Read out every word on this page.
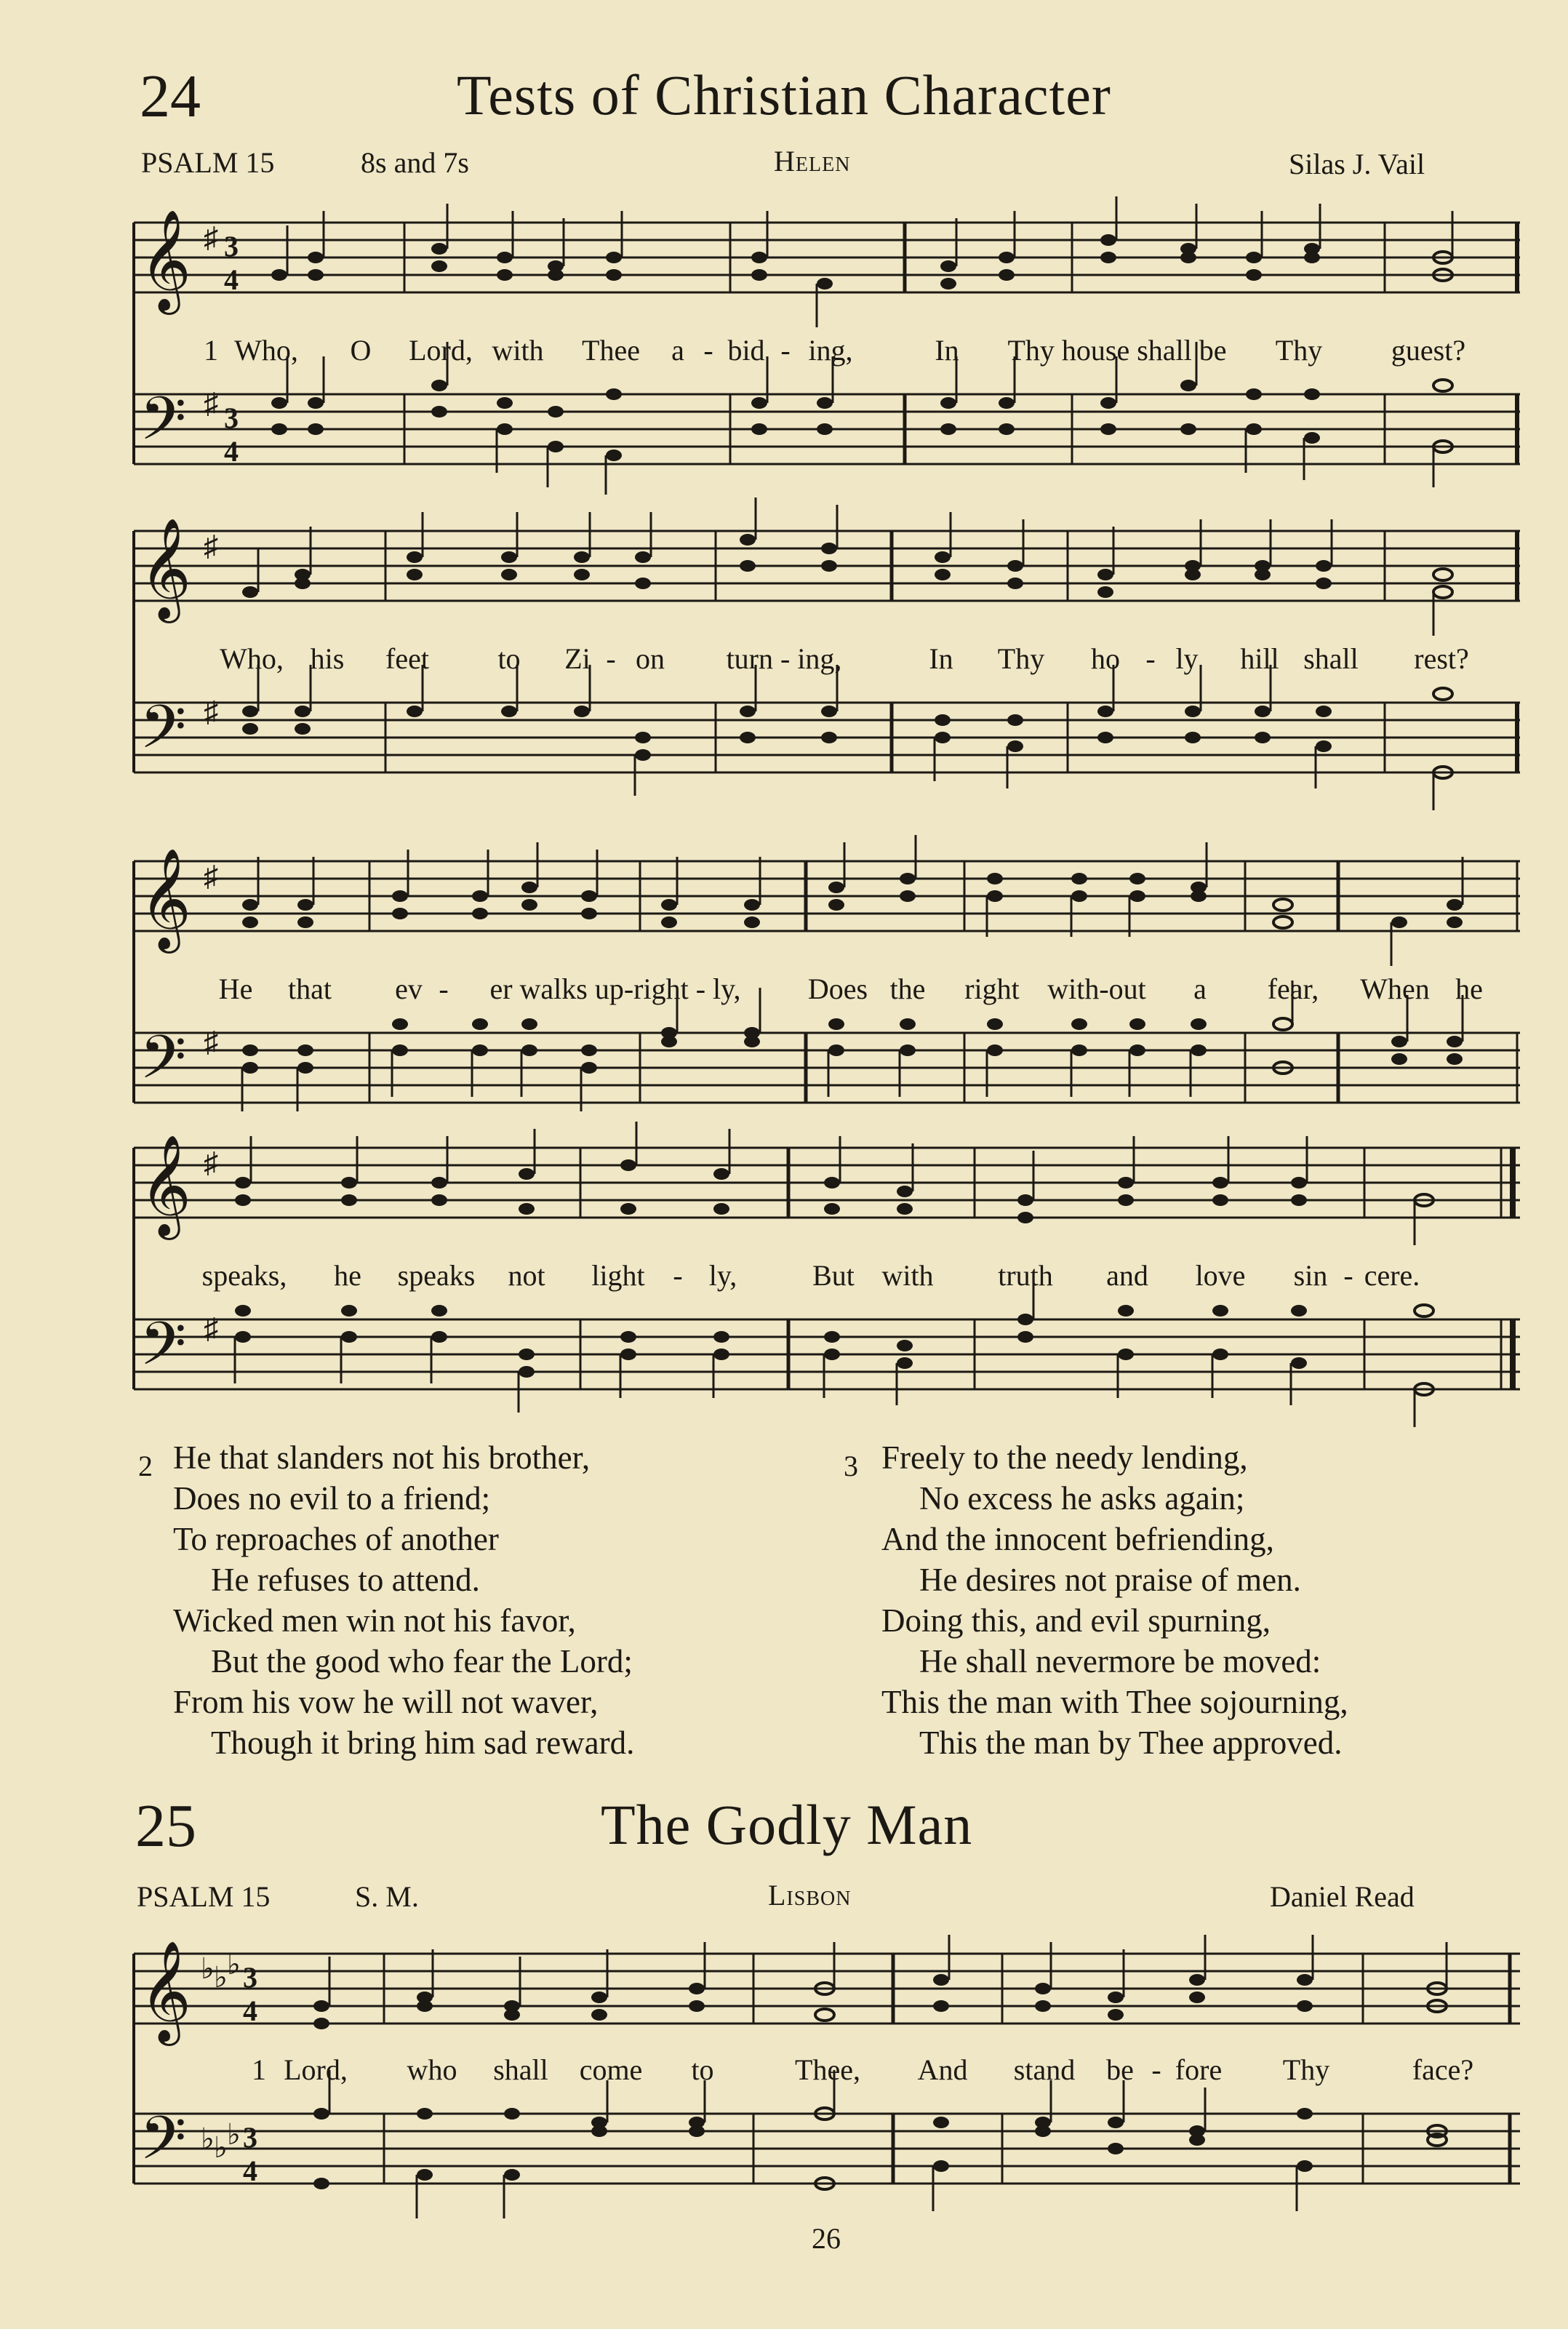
24	Tests of Christian Character
PSALM 15	8s and 7s	Helen	Silas J. Vail
𝄞
𝄢
♯
♯
3
4
3
4
1 Who, O Lord, with Thee a - bid - ing,	In Thy house shall be Thy guest?
𝄞
𝄢
♯
♯
Who, his feet to Zi - on turn - ing,	In Thy ho - ly hill shall rest?
𝄞
𝄢
♯
♯
He that ev - er walks up-right - ly, Does the right with-out a fear, When he
𝄞
𝄢
♯
♯
speaks, he speaks not light - ly,	But with truth and love sin - cere.
2 He that slanders not his brother,
Does no evil to a friend;
To reproaches of another
He refuses to attend.
Wicked men win not his favor,
But the good who fear the Lord;
From his vow he will not waver,
Though it bring him sad reward.
3 Freely to the needy lending,
No excess he asks again;
And the innocent befriending,
He desires not praise of men.
Doing this, and evil spurning,
He shall nevermore be moved:
This the man with Thee sojourning,
This the man by Thee approved.
25	The Godly Man
PSALM 15	S. M.	Lisbon	Daniel Read
𝄞
𝄢
♭ ♭ ♭
♭ ♭ ♭
3
4
3
4
1 Lord, who shall come to	Thee, And stand be - fore Thy	face?
26
